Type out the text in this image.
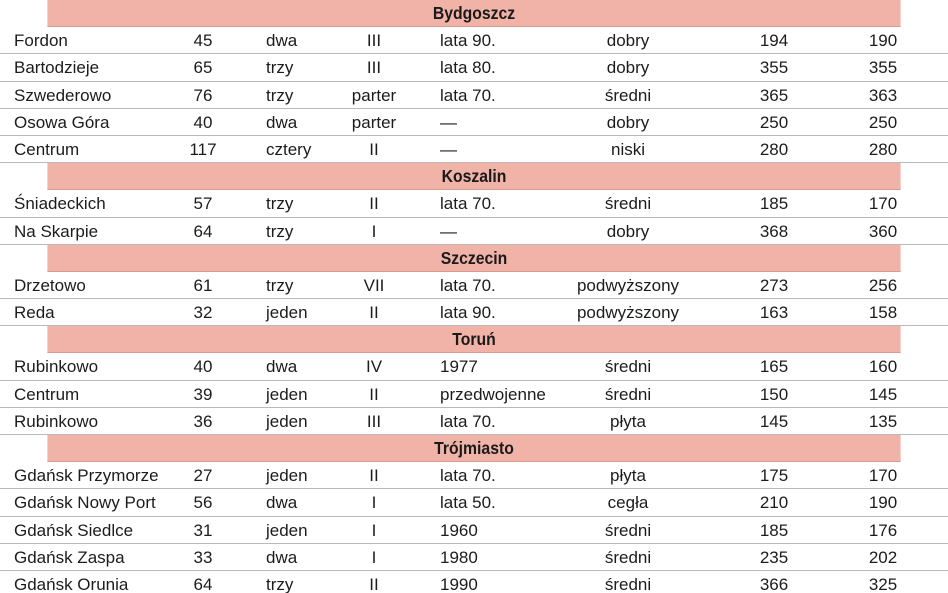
Bydgoszcz
Fordon	45	dwa	III	lata 90.	dobry	194	190
Bartodzieje	65	trzy	III	lata 80.	dobry	355	355
Szwederowo	76	trzy	parter	lata 70.	średni	365	363
Osowa Góra	40	dwa	parter	—	dobry	250	250
Centrum	117	cztery	II	—	niski	280	280
Koszalin
Śniadeckich	57	trzy	II	lata 70.	średni	185	170
Na Skarpie	64	trzy	I	—	dobry	368	360
Szczecin
Drzetowo	61	trzy	VII	lata 70.	podwyższony	273	256
Reda	32	jeden	II	lata 90.	podwyższony	163	158
Toruń
Rubinkowo	40	dwa	IV	1977	średni	165	160
Centrum	39	jeden	II	przedwojenne	średni	150	145
Rubinkowo	36	jeden	III	lata 70.	płyta	145	135
Trójmiasto
Gdańsk Przymorze 27	jeden	II	lata 70.	płyta	175	170
Gdańsk Nowy Port 56	dwa	I	lata 50.	cegła	210	190
Gdańsk Siedlce	31	jeden	I	1960	średni	185	176
Gdańsk Zaspa	33	dwa	I	1980	średni	235	202
Gdańsk Orunia	64	trzy	II	1990	średni	366	325
